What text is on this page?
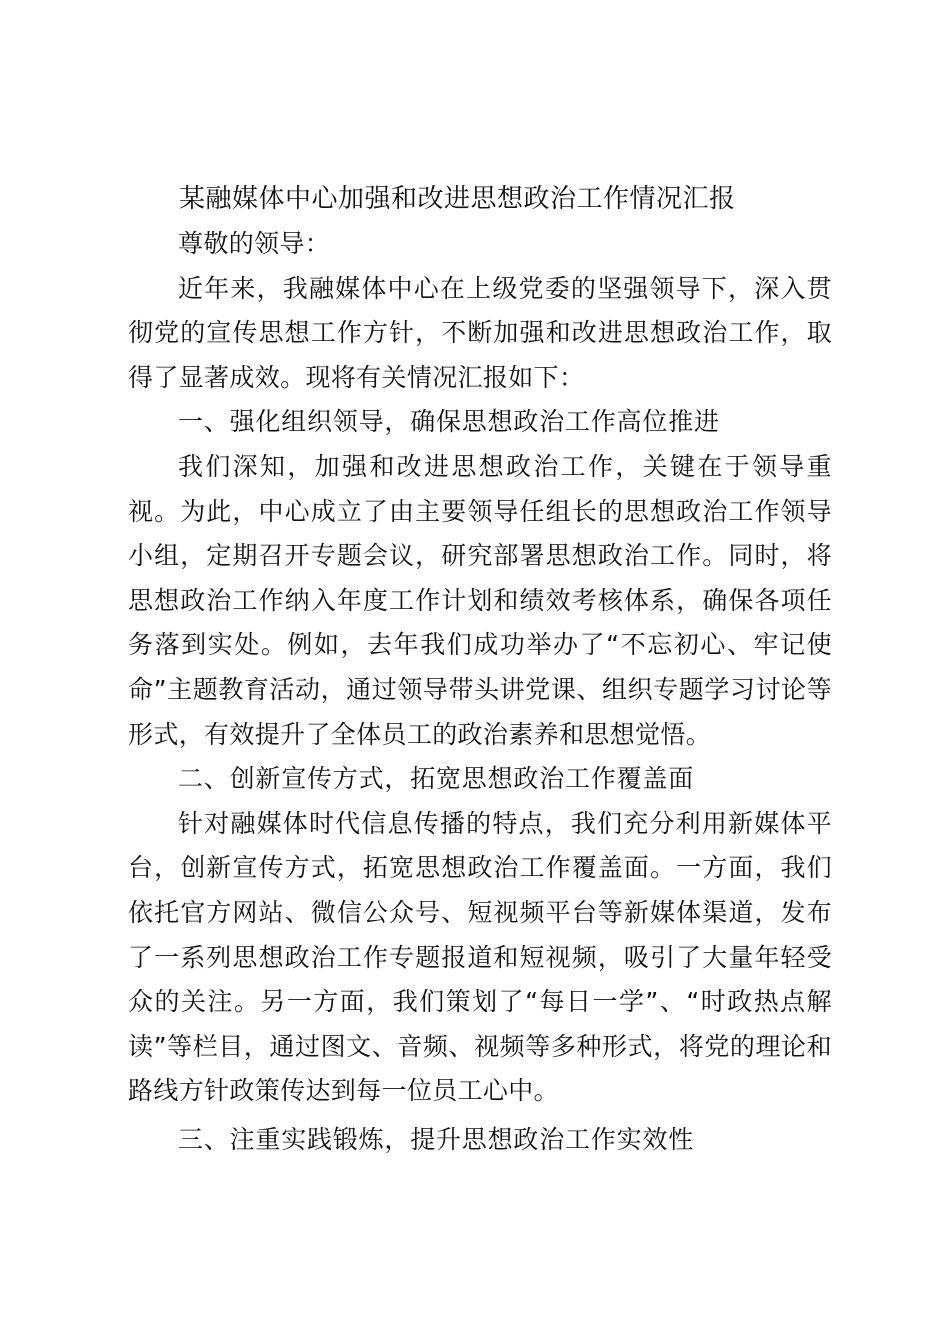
某融媒体中心加强和改进思想政治工作情况汇报

尊敬的领导：

近年来，我融媒体中心在上级党委的坚强领导下，深入贯彻党的宣传思想工作方针，不断加强和改进思想政治工作，取得了显著成效。现将有关情况汇报如下：

一、强化组织领导，确保思想政治工作高位推进

我们深知，加强和改进思想政治工作，关键在于领导重视。为此，中心成立了由主要领导任组长的思想政治工作领导小组，定期召开专题会议，研究部署思想政治工作。同时，将思想政治工作纳入年度工作计划和绩效考核体系，确保各项任务落到实处。例如，去年我们成功举办了“不忘初心、牢记使命”主题教育活动，通过领导带头讲党课、组织专题学习讨论等形式，有效提升了全体员工的政治素养和思想觉悟。

二、创新宣传方式，拓宽思想政治工作覆盖面

针对融媒体时代信息传播的特点，我们充分利用新媒体平台，创新宣传方式，拓宽思想政治工作覆盖面。一方面，我们依托官方网站、微信公众号、短视频平台等新媒体渠道，发布了一系列思想政治工作专题报道和短视频，吸引了大量年轻受众的关注。另一方面，我们策划了“每日一学”、“时政热点解读”等栏目，通过图文、音频、视频等多种形式，将党的理论和路线方针政策传达到每一位员工心中。

三、注重实践锻炼，提升思想政治工作实效性
